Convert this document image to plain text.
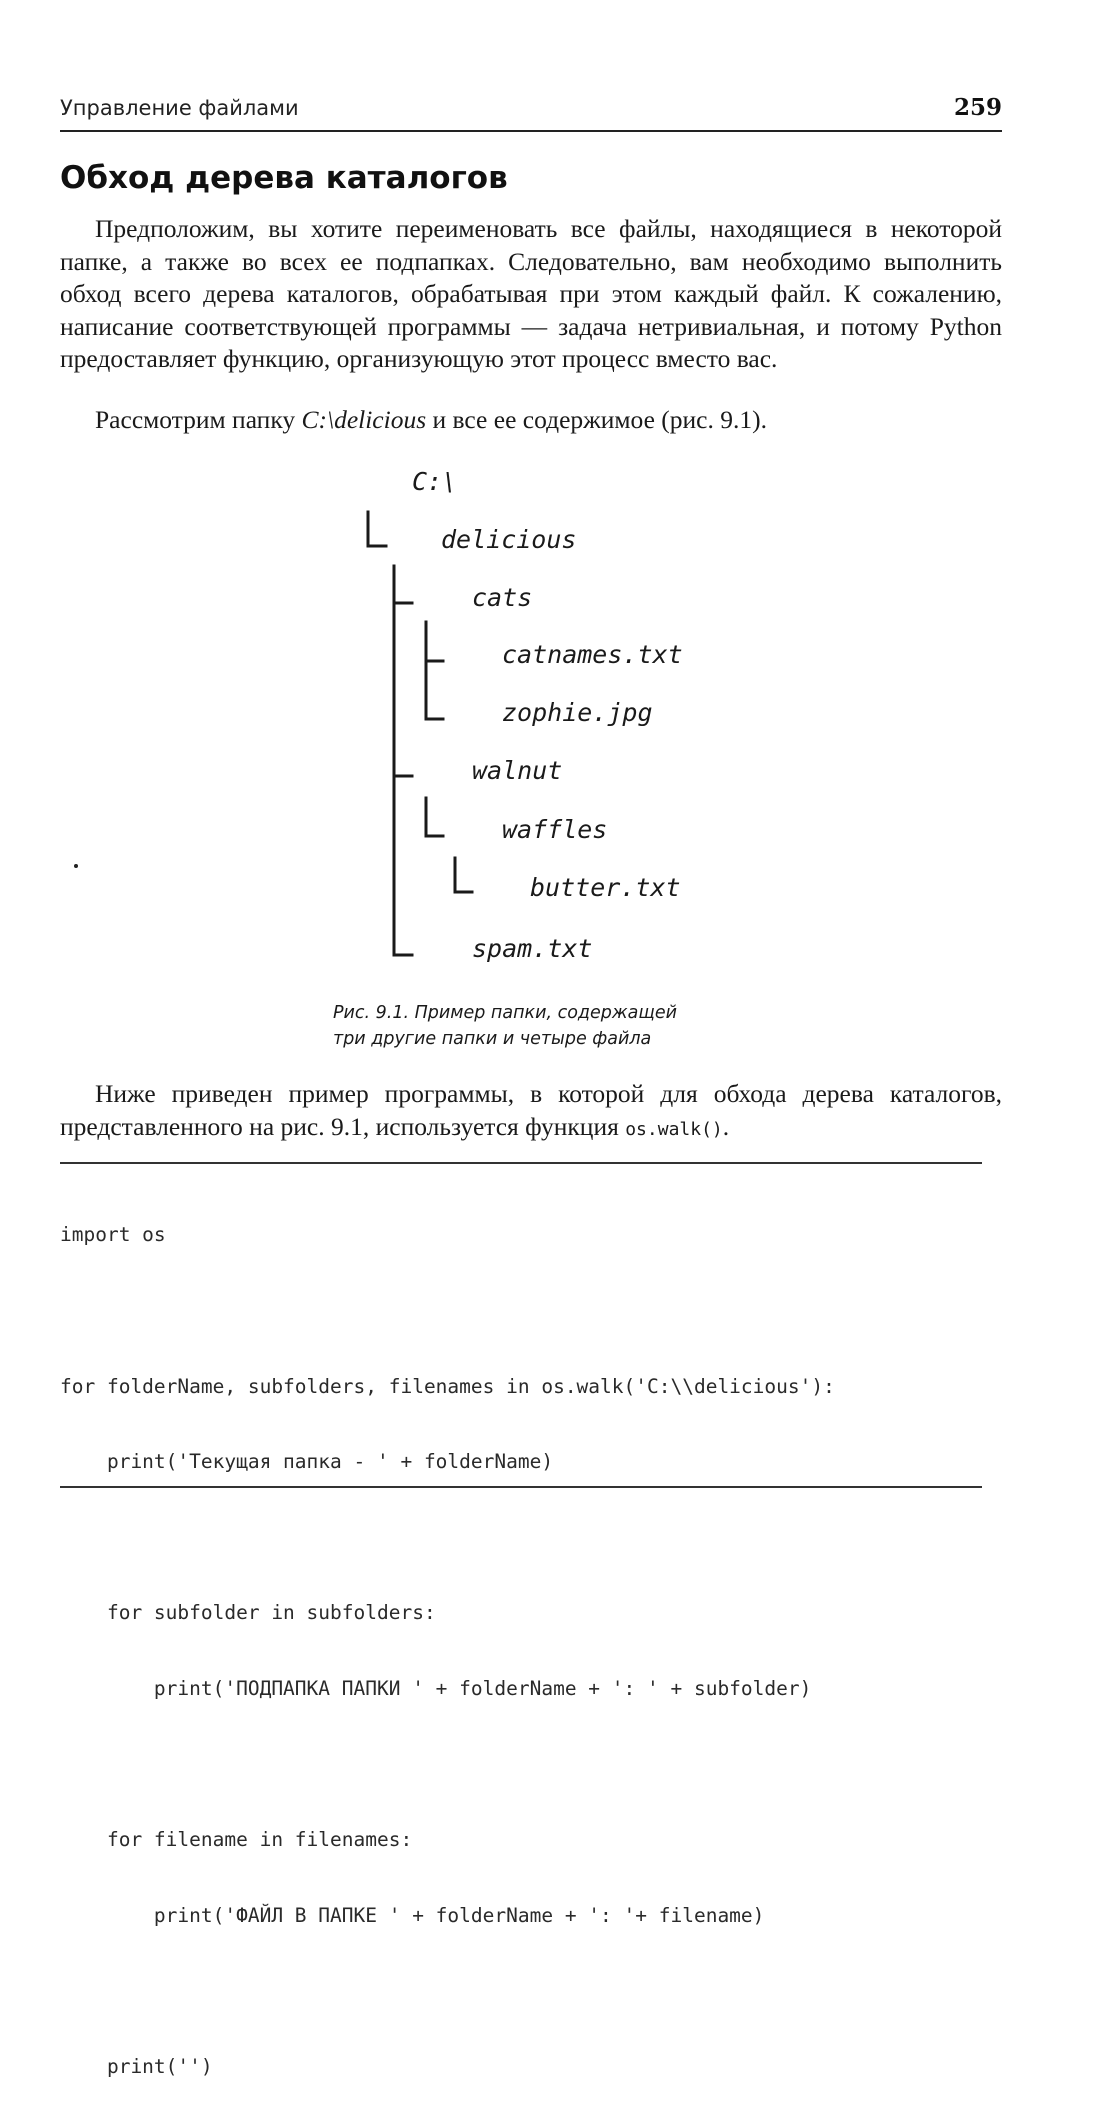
Управление файлами	259
Обход дерева каталогов

Предположим, вы хотите переименовать все файлы, находящиеся в некоторой папке, а также во всех ее подпапках. Следовательно, вам необходимо выполнить обход всего дерева каталогов, обрабатывая при этом каждый файл. К сожалению, написание соответствующей программы — задача нетривиальная, и потому Python предоставляет функцию, организующую этот процесс вместо вас.

Рассмотрим папку C:\delicious и все ее содержимое (рис. 9.1).

C:\
delicious
cats
catnames.txt
zophie.jpg
walnut
waffles
butter.txt
spam.txt
Рис. 9.1. Пример папки, содержащей
три другие папки и четыре файла

Ниже приведен пример программы, в которой для обхода дерева каталогов, представленного на рис. 9.1, используется функция os.walk().

import os

for folderName, subfolders, filenames in os.walk('C:\\delicious'):

print('Текущая папка - ' + folderName)

for subfolder in subfolders:

print('ПОДПАПКА ПАПКИ ' + folderName + ': ' + subfolder)

for filename in filenames:

print('ФАЙЛ В ПАПКЕ ' + folderName + ': '+ filename)

print('')
